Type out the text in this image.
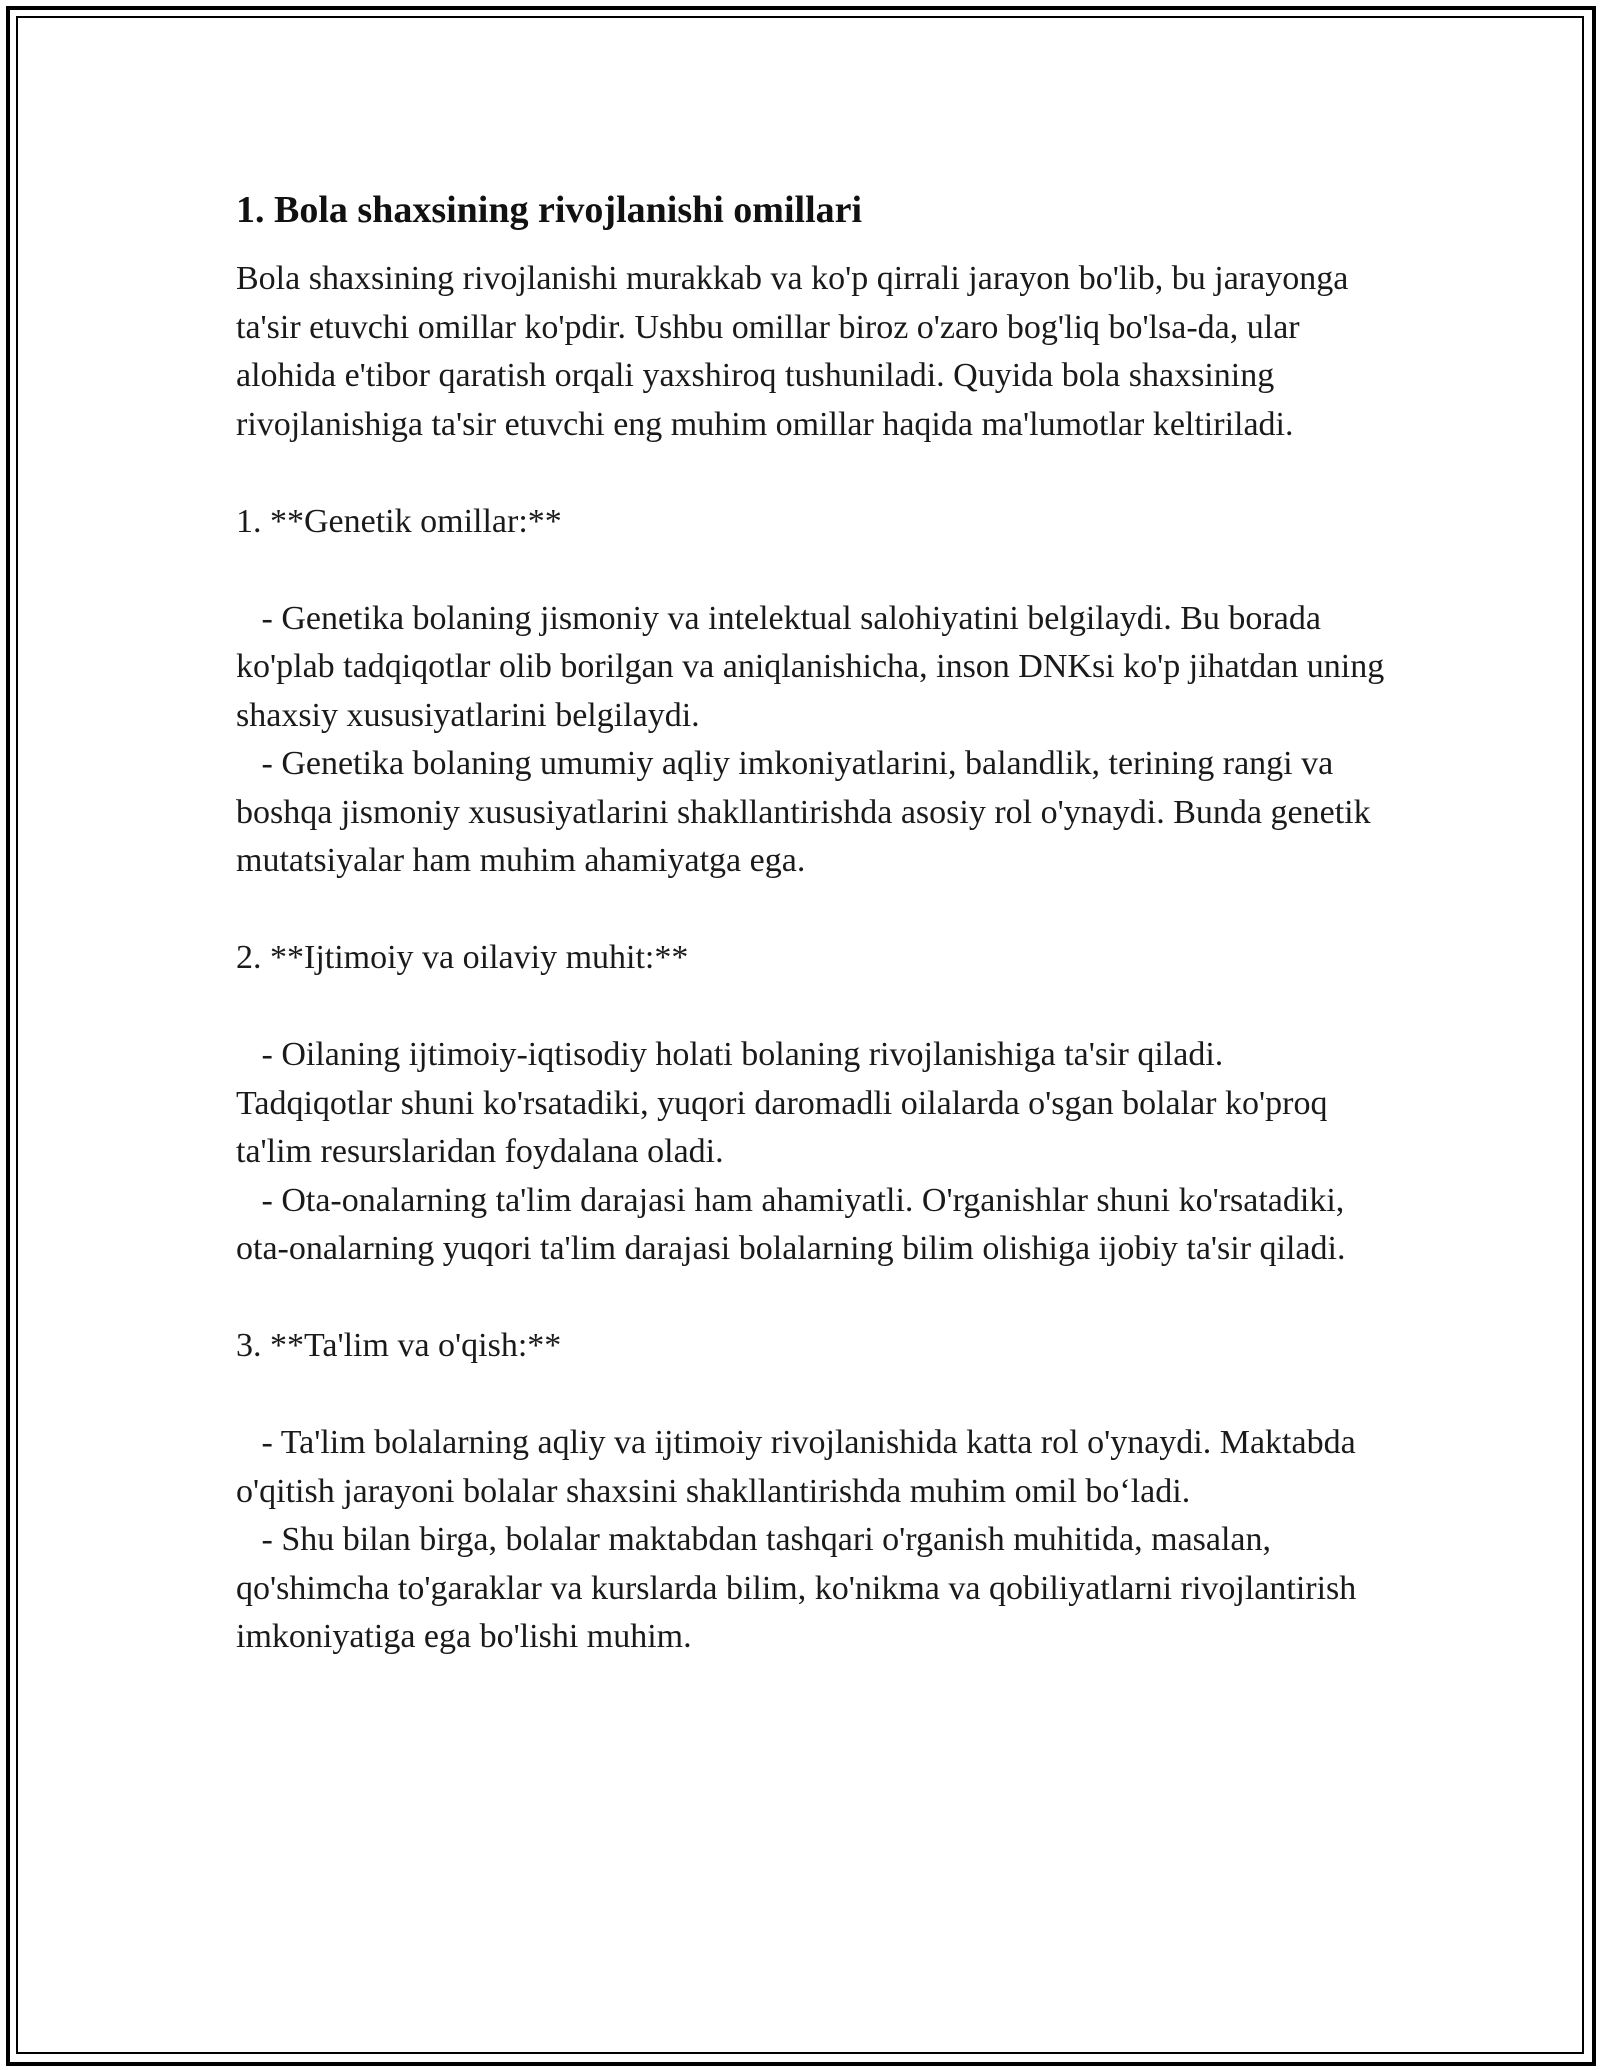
1. Bola shaxsining rivojlanishi omillari

Bola shaxsining rivojlanishi murakkab va ko'p qirrali jarayon bo'lib, bu jarayonga ta'sir etuvchi omillar ko'pdir. Ushbu omillar biroz o'zaro bog'liq bo'lsa-da, ular alohida e'tibor qaratish orqali yaxshiroq tushuniladi. Quyida bola shaxsining rivojlanishiga ta'sir etuvchi eng muhim omillar haqida ma'lumotlar keltiriladi.

1. **Genetik omillar:**

- Genetika bolaning jismoniy va intelektual salohiyatini belgilaydi. Bu borada ko'plab tadqiqotlar olib borilgan va aniqlanishicha, inson DNKsi ko'p jihatdan uning shaxsiy xususiyatlarini belgilaydi.

- Genetika bolaning umumiy aqliy imkoniyatlarini, balandlik, terining rangi va boshqa jismoniy xususiyatlarini shakllantirishda asosiy rol o'ynaydi. Bunda genetik mutatsiyalar ham muhim ahamiyatga ega.

2. **Ijtimoiy va oilaviy muhit:**

- Oilaning ijtimoiy-iqtisodiy holati bolaning rivojlanishiga ta'sir qiladi. Tadqiqotlar shuni ko'rsatadiki, yuqori daromadli oilalarda o'sgan bolalar ko'proq ta'lim resurslaridan foydalana oladi.

- Ota-onalarning ta'lim darajasi ham ahamiyatli. O'rganishlar shuni ko'rsatadiki, ota-onalarning yuqori ta'lim darajasi bolalarning bilim olishiga ijobiy ta'sir qiladi.

3. **Ta'lim va o'qish:**

- Ta'lim bolalarning aqliy va ijtimoiy rivojlanishida katta rol o'ynaydi. Maktabda o'qitish jarayoni bolalar shaxsini shakllantirishda muhim omil bo‘ladi.

- Shu bilan birga, bolalar maktabdan tashqari o'rganish muhitida, masalan, qo'shimcha to'garaklar va kurslarda bilim, ko'nikma va qobiliyatlarni rivojlantirish imkoniyatiga ega bo'lishi muhim.
